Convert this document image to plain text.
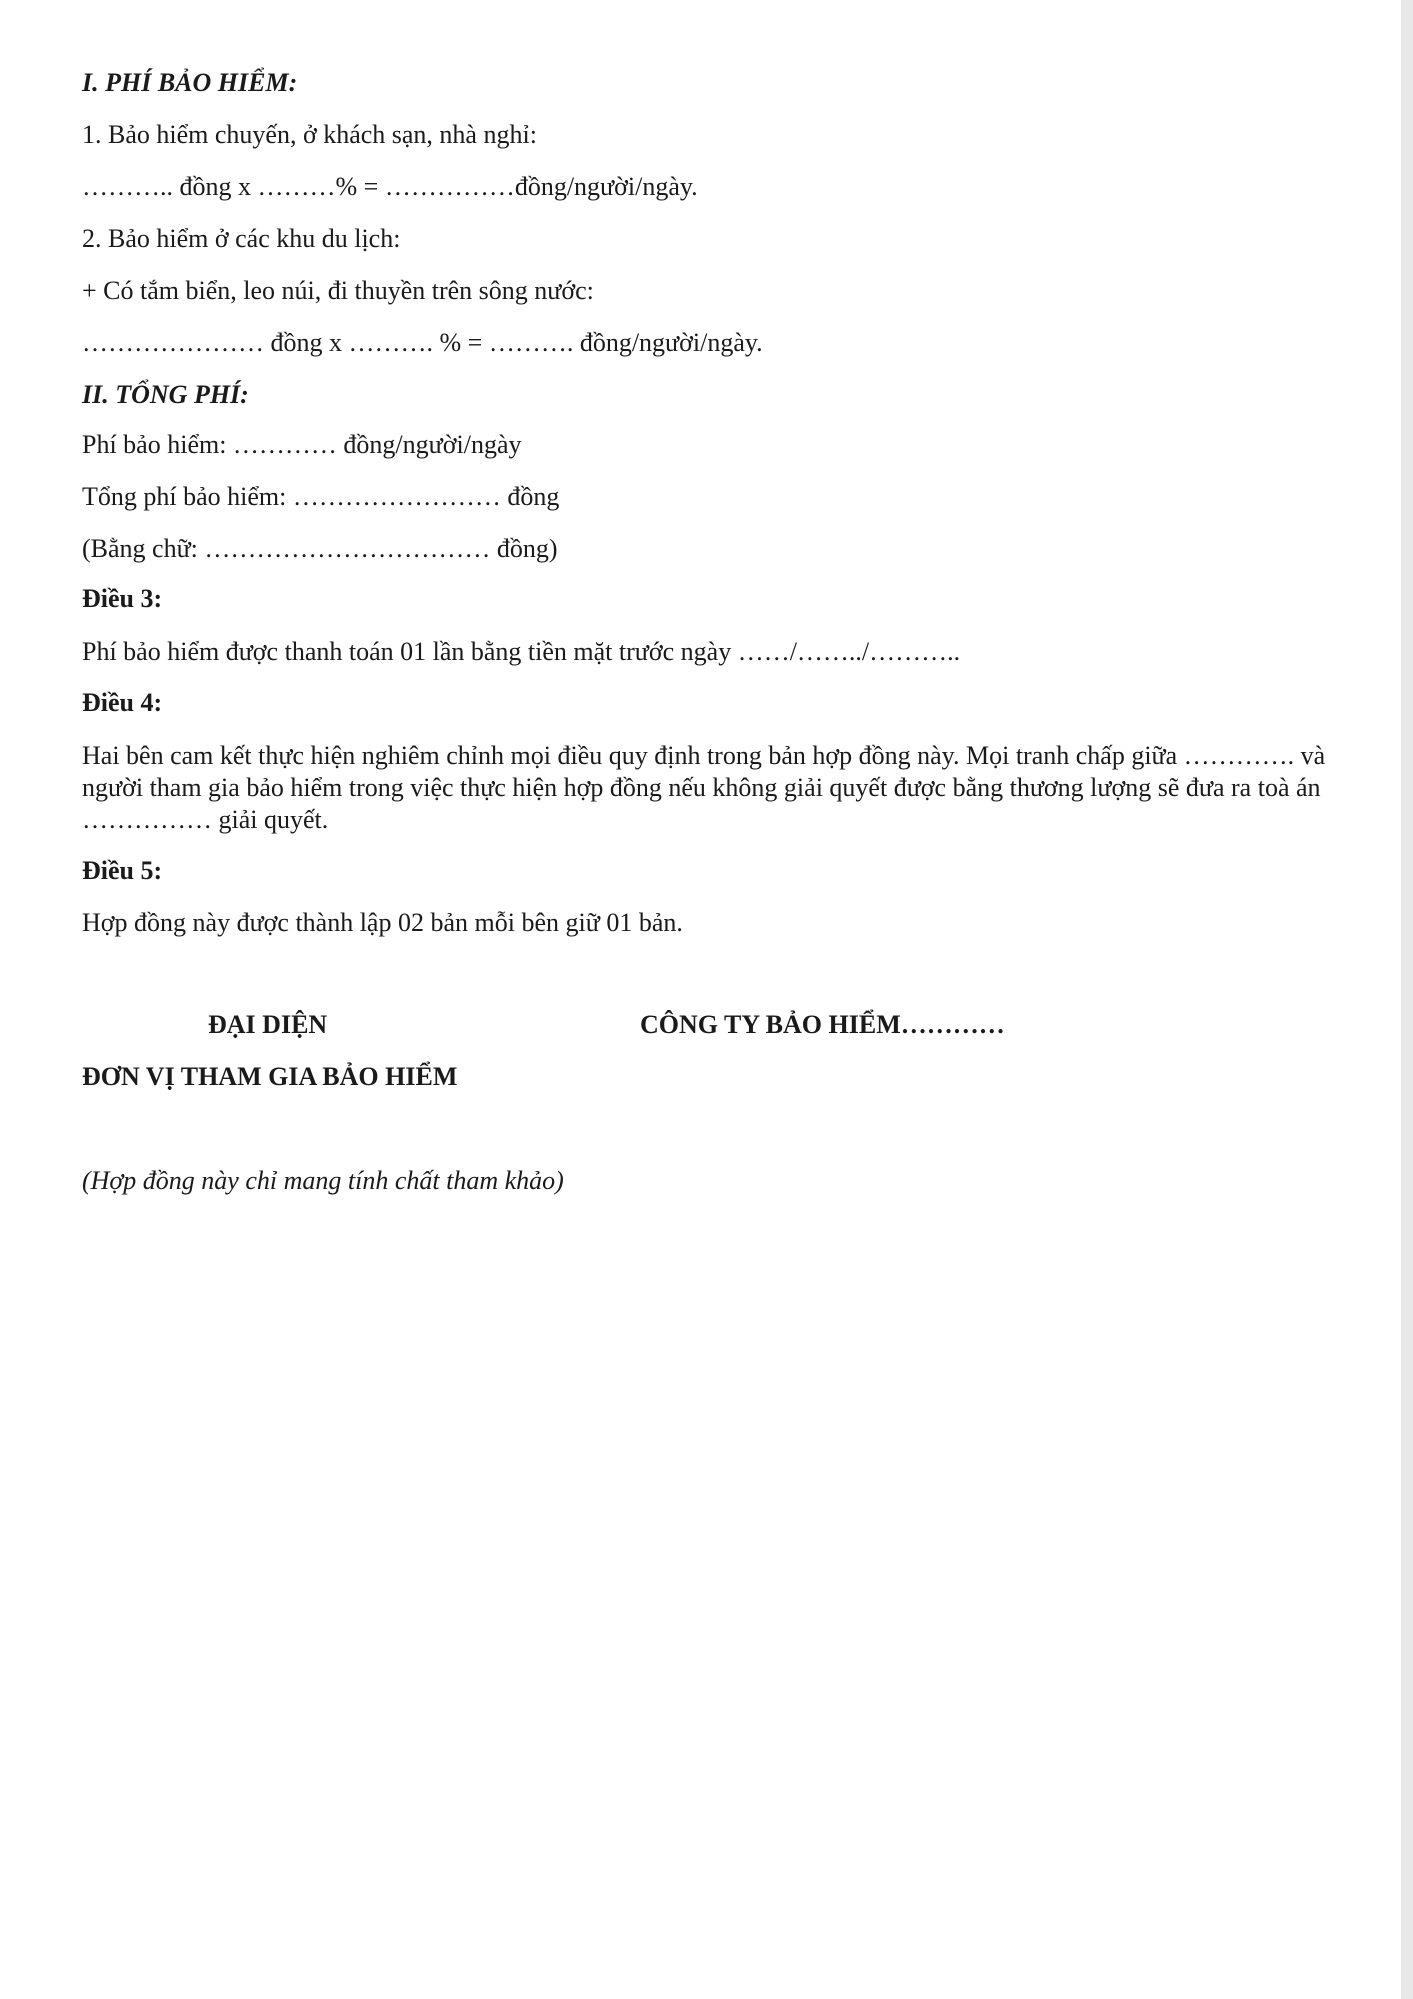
I. PHÍ BẢO HIỂM:
1. Bảo hiểm chuyến, ở khách sạn, nhà nghỉ:
……….. đồng x ………% = ……………đồng/người/ngày.
2. Bảo hiểm ở các khu du lịch:
+ Có tắm biển, leo núi, đi thuyền trên sông nước:
………………… đồng x ………. % = ………. đồng/người/ngày.
II. TỔNG PHÍ:
Phí bảo hiểm: ………… đồng/người/ngày
Tổng phí bảo hiểm: …………………… đồng
(Bằng chữ: …………………………… đồng)
Điều 3:
Phí bảo hiểm được thanh toán 01 lần bằng tiền mặt trước ngày ……/……../………..
Điều 4:
Hai bên cam kết thực hiện nghiêm chỉnh mọi điều quy định trong bản hợp đồng này. Mọi tranh chấp giữa …………. và người tham gia bảo hiểm trong việc thực hiện hợp đồng nếu không giải quyết được bằng thương lượng sẽ đưa ra toà án …………… giải quyết.
Điều 5:
Hợp đồng này được thành lập 02 bản mỗi bên giữ 01 bản.
ĐẠI DIỆN
ĐƠN VỊ THAM GIA BẢO HIỂM
CÔNG TY BẢO HIỂM…………
(Hợp đồng này chỉ mang tính chất tham khảo)
